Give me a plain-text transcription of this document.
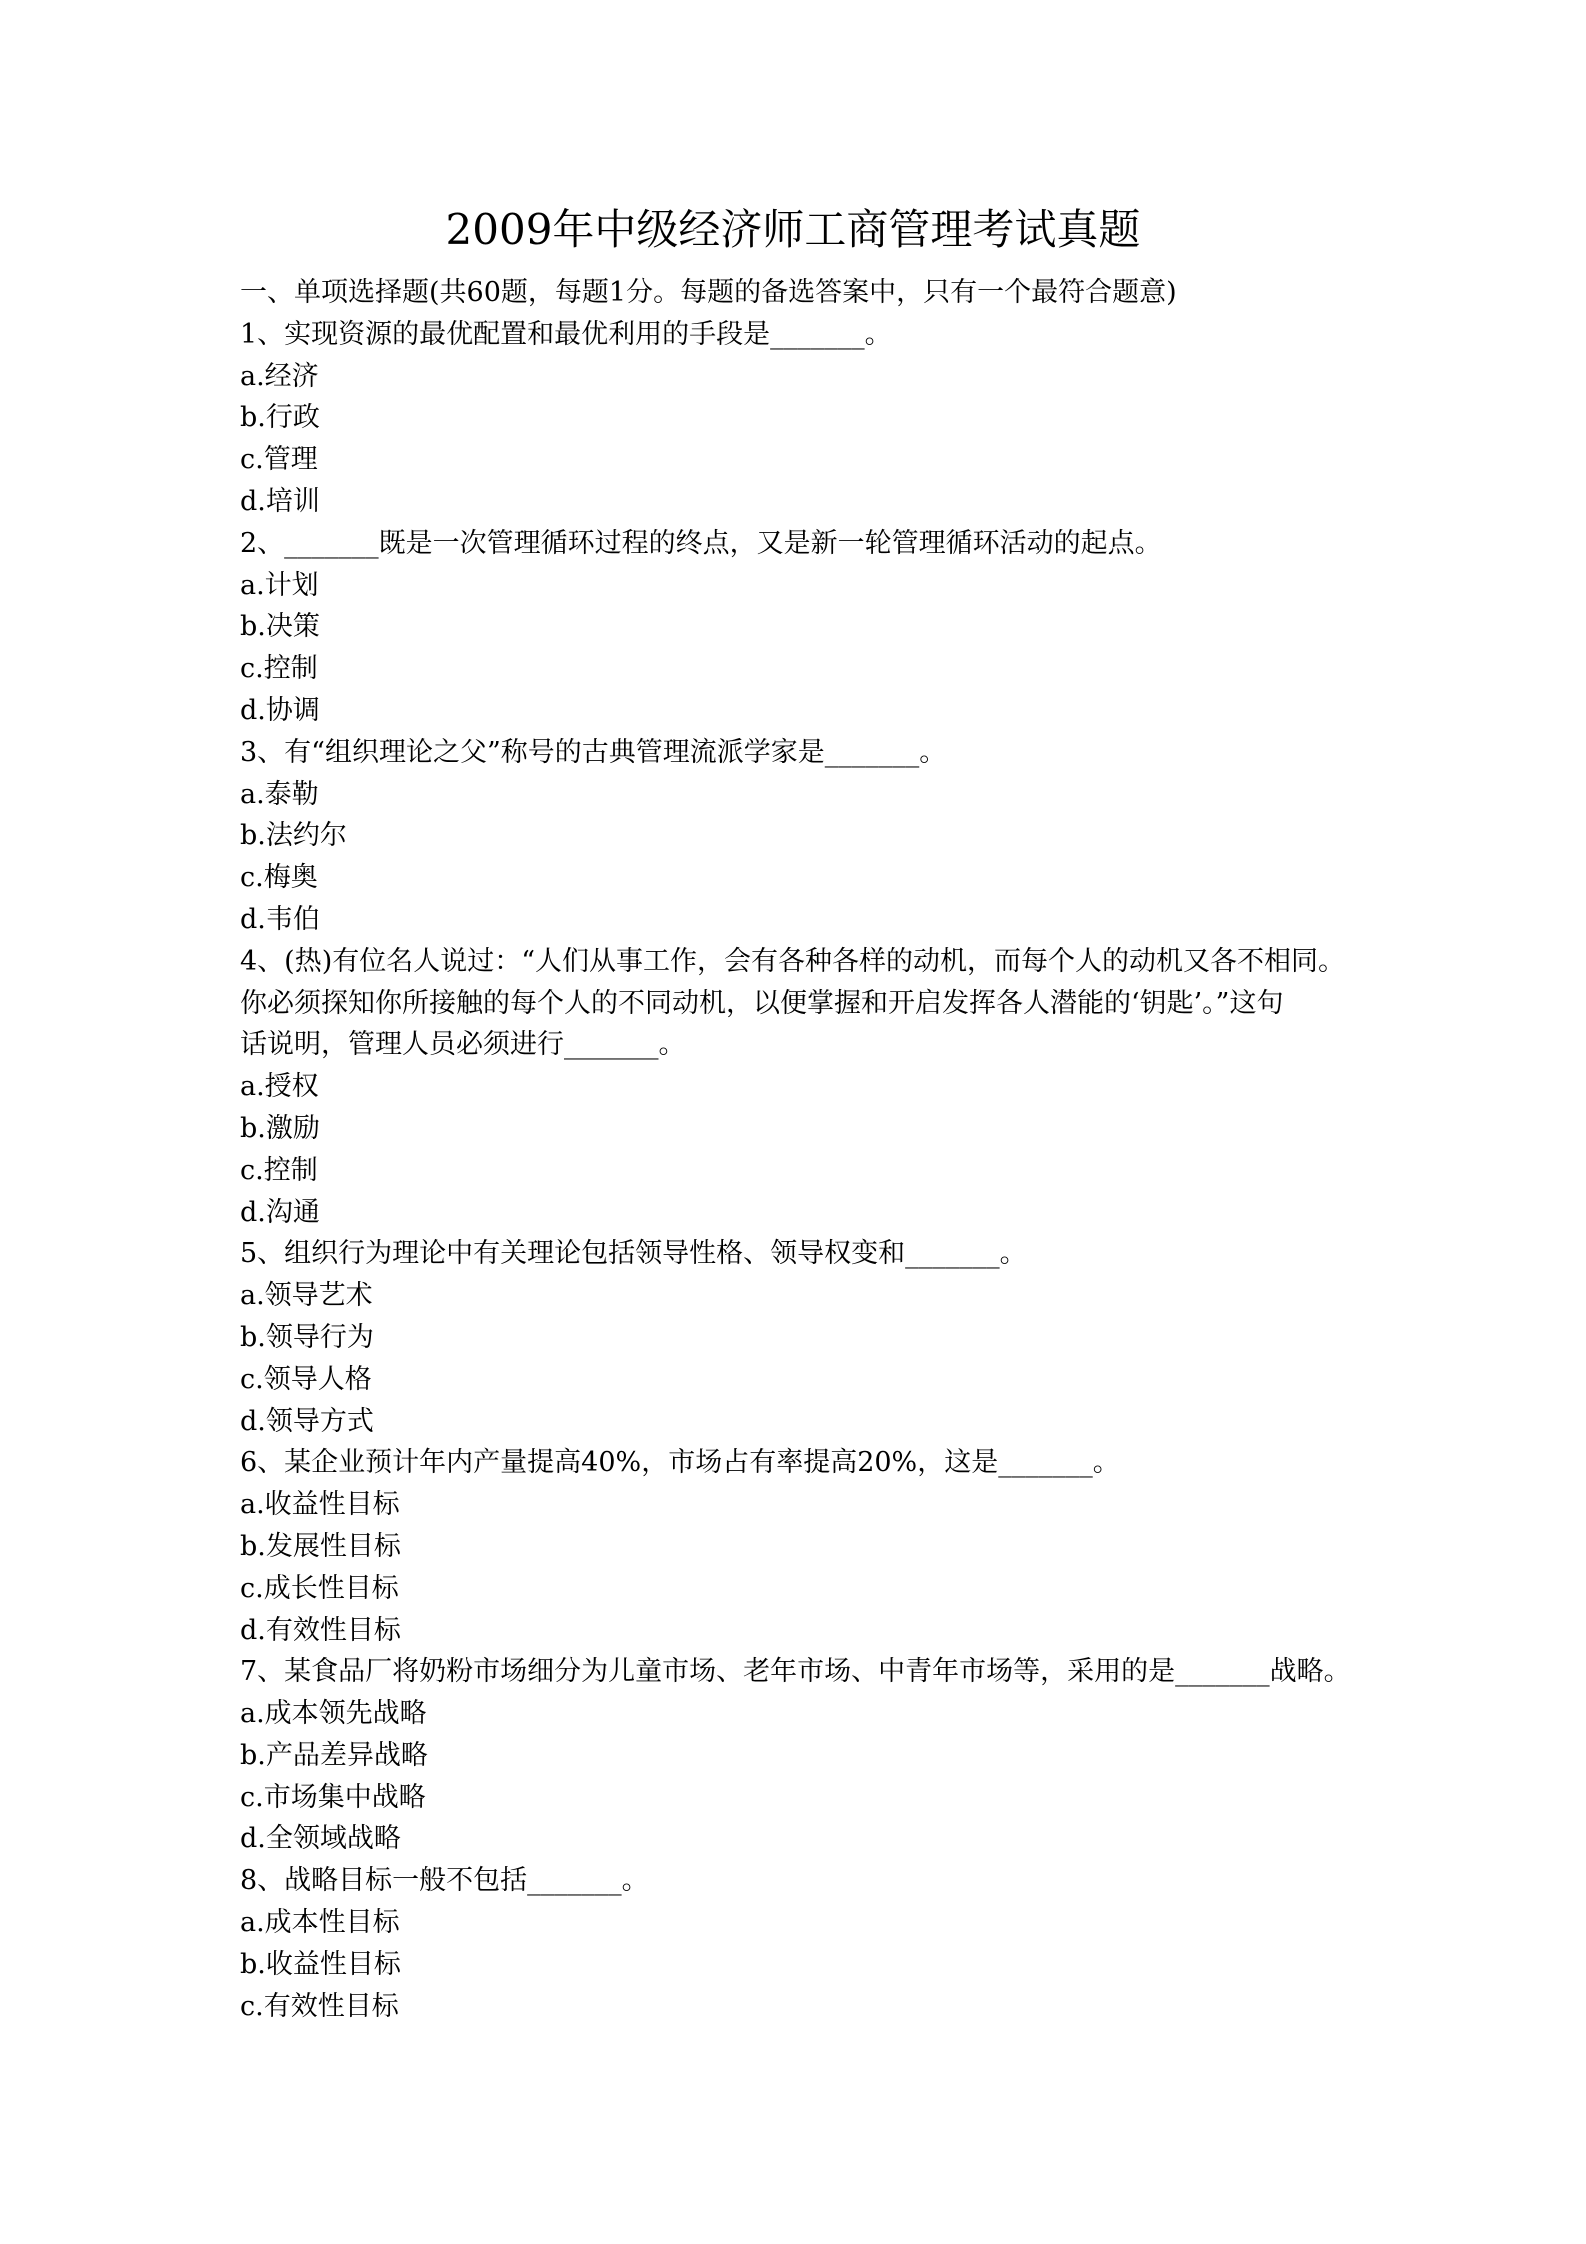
2009年中级经济师工商管理考试真题

一、单项选择题(共60题，每题1分。每题的备选答案中，只有一个最符合题意)

1、实现资源的最优配置和最优利用的手段是_______。

a.经济

b.行政

c.管理

d.培训

2、_______既是一次管理循环过程的终点，又是新一轮管理循环活动的起点。

a.计划

b.决策

c.控制

d.协调

3、有“组织理论之父”称号的古典管理流派学家是_______。

a.泰勒

b.法约尔

c.梅奥

d.韦伯

4、(热)有位名人说过：“人们从事工作，会有各种各样的动机，而每个人的动机又各不相同。

你必须探知你所接触的每个人的不同动机，以便掌握和开启发挥各人潜能的‘钥匙’。”这句

话说明，管理人员必须进行_______。

a.授权

b.激励

c.控制

d.沟通

5、组织行为理论中有关理论包括领导性格、领导权变和_______。

a.领导艺术

b.领导行为

c.领导人格

d.领导方式

6、某企业预计年内产量提高40%，市场占有率提高20%，这是_______。

a.收益性目标

b.发展性目标

c.成长性目标

d.有效性目标

7、某食品厂将奶粉市场细分为儿童市场、老年市场、中青年市场等，采用的是_______战略。

a.成本领先战略

b.产品差异战略

c.市场集中战略

d.全领域战略

8、战略目标一般不包括_______。

a.成本性目标

b.收益性目标

c.有效性目标
